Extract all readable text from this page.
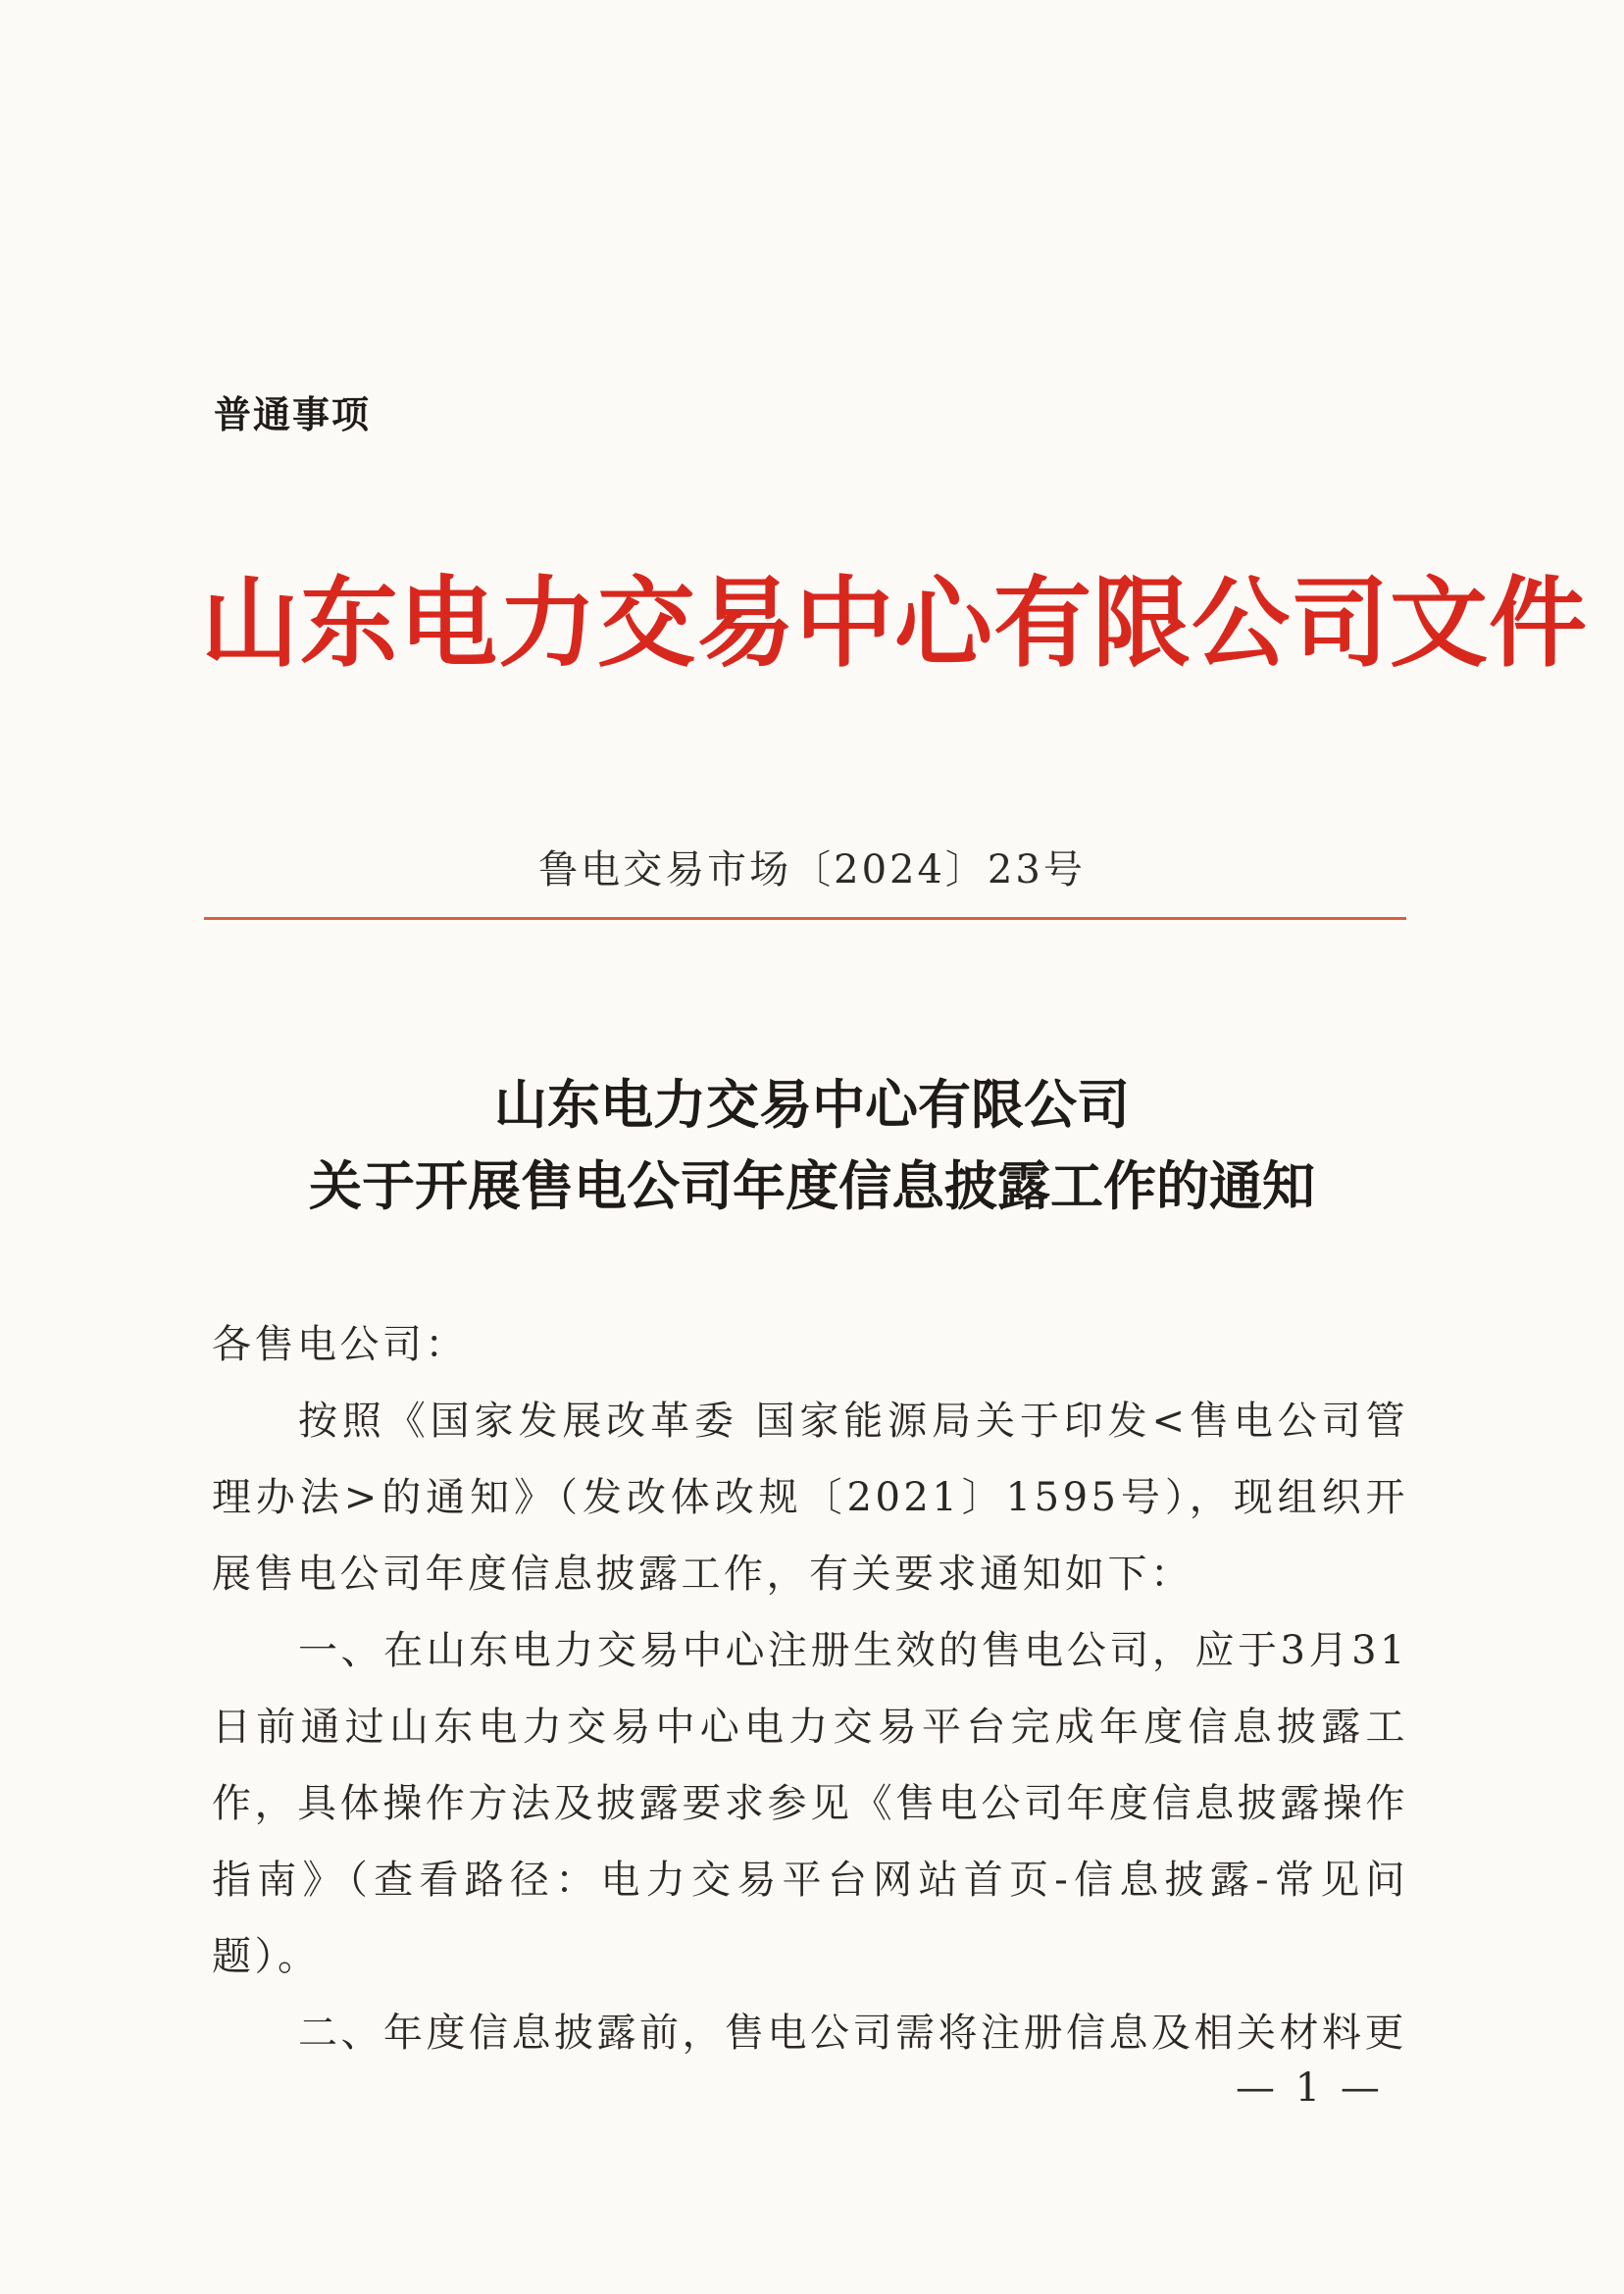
普通事项
山东电力交易中心有限公司文件
鲁电交易市场〔2024〕23号
山东电力交易中心有限公司
关于开展售电公司年度信息披露工作的通知

各售电公司：

按照《国家发展改革委 国家能源局关于印发<售电公司管理办法>的通知》（发改体改规〔2021〕1595号），现组织开展售电公司年度信息披露工作，有关要求通知如下：

一、在山东电力交易中心注册生效的售电公司，应于3月31日前通过山东电力交易中心电力交易平台完成年度信息披露工作，具体操作方法及披露要求参见《售电公司年度信息披露操作指南》（查看路径：电力交易平台网站首页-信息披露-常见问题）。

二、年度信息披露前，售电公司需将注册信息及相关材料更

— 1 —
